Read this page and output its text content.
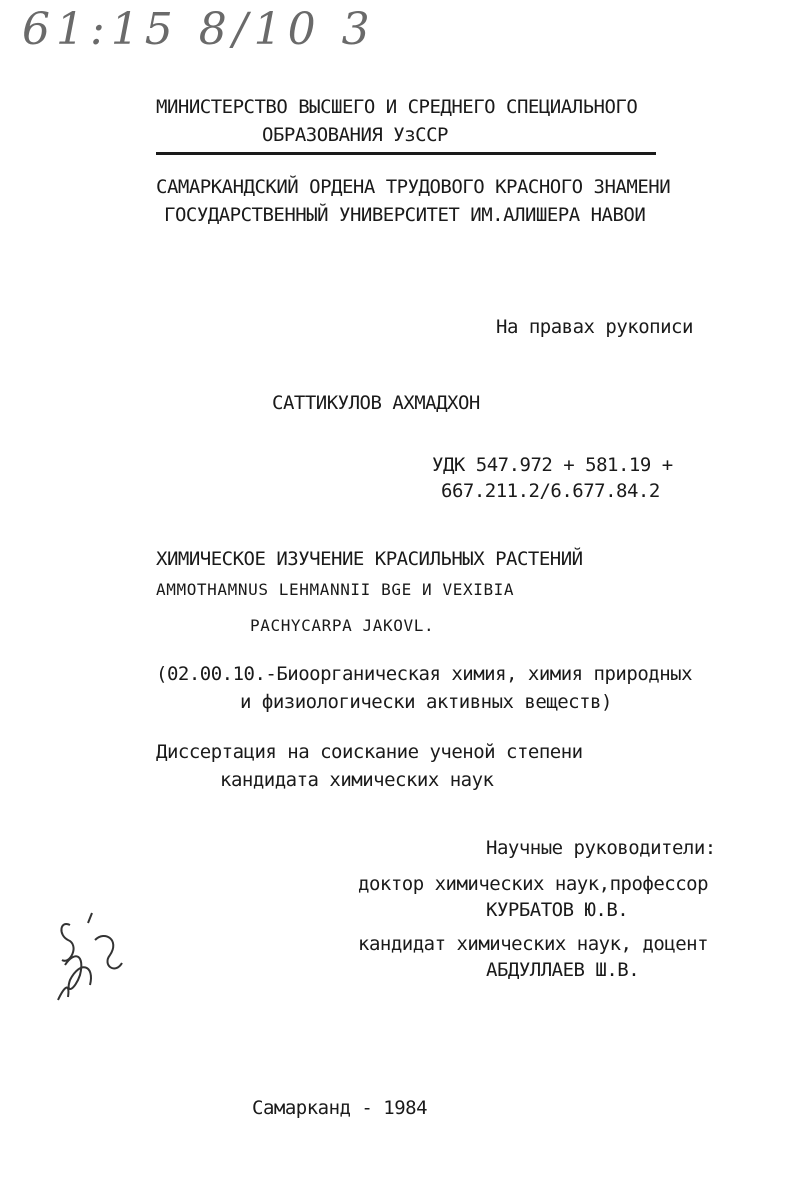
61:15 8/10 3
МИНИСТЕРСТВО ВЫСШЕГО И СРЕДНЕГО СПЕЦИАЛЬНОГО
ОБРАЗОВАНИЯ УзССР
САМАРКАНДСКИЙ ОРДЕНА ТРУДОВОГО КРАСНОГО ЗНАМЕНИ
ГОСУДАРСТВЕННЫЙ УНИВЕРСИТЕТ ИМ.АЛИШЕРА НАВОИ
На правах рукописи
САТТИКУЛОВ АХМАДХОН
УДК 547.972 + 581.19 +
667.211.2/6.677.84.2
ХИМИЧЕСКОЕ ИЗУЧЕНИЕ КРАСИЛЬНЫХ РАСТЕНИЙ
AMMOTHAMNUS LEHMANNII BGE И VEXIBIA
PACHYCARPA JAKOVL.
(02.00.10.-Биоорганическая химия, химия природных
и физиологически активных веществ)
Диссертация на соискание ученой степени
кандидата химических наук
Научные руководители:
доктор химических наук,профессор
КУРБАТОВ Ю.В.
кандидат химических наук, доцент
АБДУЛЛАЕВ Ш.В.
Самарканд - 1984
